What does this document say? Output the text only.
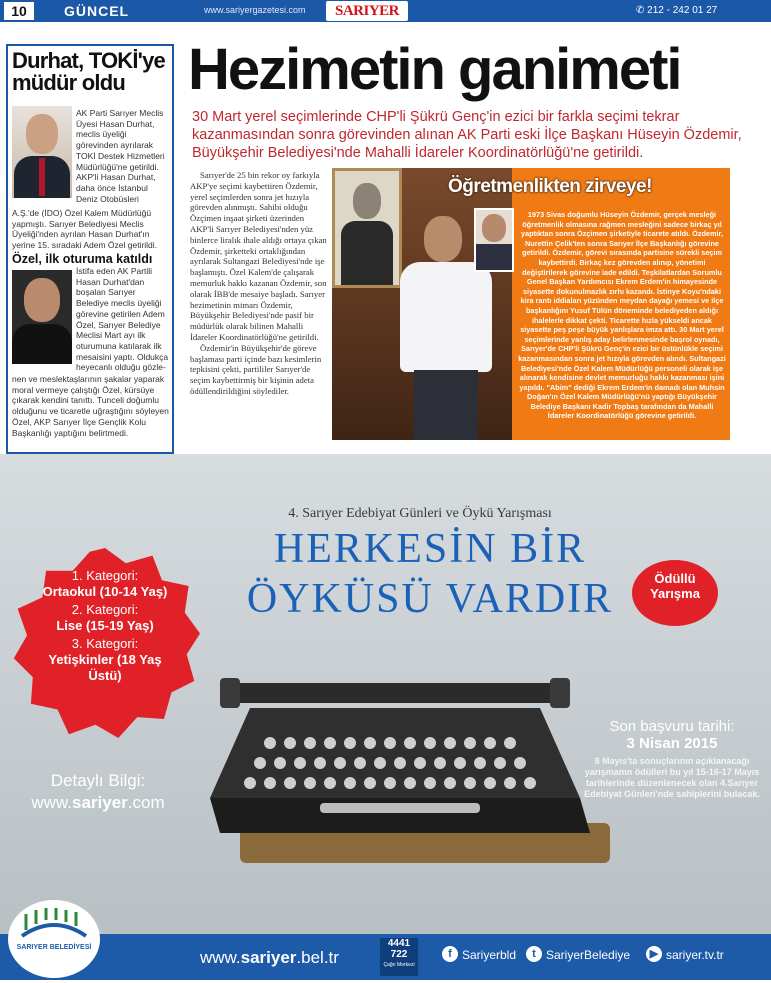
10	GÜNCEL	www.sariyergazetesi.com	SARIYER	✆ 212 - 242 01 27
Durhat, TOKİ'ye müdür oldu
AK Parti Sarıyer Meclis Üyesi Hasan Durhat, meclis üyeliği görevinden ayrılarak TOKİ Destek Hizmetleri Müdürlüğü'ne getirildi. AKP'li Hasan Durhat, daha önce İstanbul Deniz Otobüsleri
A.Ş.'de (İDO) Özel Kalem Müdürlüğü yapmıştı. Sarıyer Belediyesi Meclis Üyeliği'nden ayrılan Hasan Durhat'ın yerine 15. sıradaki Adem Özel getirildi.
Özel, ilk oturuma katıldı
İstifa eden AK Partili Hasan Durhat'dan boşalan Sarıyer Belediye meclis üyeliği görevine getirilen Adem Özel, Sarıyer Belediye Meclisi Mart ayı ilk oturumuna katılarak ilk mesaisini yaptı. Oldukça heyecanlı olduğu gözle-
nen ve meslektaşlarının şakalar yaparak moral vermeye çalıştığı Özel, kürsüye çıkarak kendini tanıttı. Tunceli doğumlu olduğunu ve ticaretle uğraştığını söyleyen Özel, AKP Sarıyer İlçe Gençlik Kolu Başkanlığı yaptığını belirtmedi.
Hezimetin ganimeti
30 Mart yerel seçimlerinde CHP'li Şükrü Genç'in ezici bir farkla seçimi tekrar kazanmasından sonra görevinden alınan AK Parti eski İlçe Başkanı Hüseyin Özdemir, Büyükşehir Belediyesi'nde Mahalli İdareler Koordinatörlüğü'ne getirildi.

Sarıyer'de 25 bin rekor oy farkıyla AKP'ye seçimi kaybettiren Özdemir, yerel seçimlerden sonra jet hızıyla görevden alınmıştı. Sahibi olduğu Özçimen inşaat şirketi üzerinden AKP'li Sarıyer Belediyesi'nden yüz binlerce liralık ihale aldığı ortaya çıkan Özdemir, şirketteki ortaklığından ayrılarak Sultangazi Belediyesi'nde işe başlamıştı. Özel Kalem'de çalışarak memurluk hakkı kazanan Özdemir, son olarak İBB'de mesaiye başladı. Sarıyer hezimetinin mimarı Özdemir, Büyükşehir Belediyesi'nde pasif bir müdürlük olarak bilinen Mahalli İdareler Koordinatörlüğü'ne getirildi.

Özdemir'in Büyükşehir'de göreve başlaması parti içinde bazı kesimlerin tepkisini çekti, partililer Sarıyer'de seçim kaybettirmiş bir kişinin adeta ödüllendirildiğini söylediler.

Öğretmenlikten zirveye!
1973 Sivas doğumlu Hüseyin Özdemir, gerçek mesleği öğretmenlik olmasına rağmen mesleğini sadece birkaç yıl yaptıktan sonra Özçimen şirketiyle ticarete atıldı. Özdemir, Nurettin Çelik'ten sonra Sarıyer İlçe Başkanlığı görevine getirildi. Özdemir, görevi sırasında partisine sürekli seçim kaybettirdi. Birkaç kez görevden alınıp, yönetimi değiştirilerek görevine iade edildi. Teşkilatlardan Sorumlu Genel Başkan Yardımcısı Ekrem Erdem'in himayesinde siyasette dokunulmazlık zırhı kazandı. İstinye Koyu'ndaki kira rantı iddiaları yüzünden meydan dayağı yemesi ve ilçe başkanlığını Yusuf Tülün döneminde belediyeden aldığı ihalelerle dikkat çekti. Ticarette hızla yükseldi ancak siyasette peş peşe büyük yanlışlara imza attı. 30 Mart yerel seçimlerinde yanlış aday belirlenmesinde başrol oynadı, Sarıyer'de CHP'li Şükrü Genç'in ezici bir üstünlükle seçimi kazanmasından sonra jet hızıyla görevden alındı. Sultangazi Belediyesi'nde Özel Kalem Müdürlüğü personeli olarak işe alınarak kendisine devlet memurluğu hakkı kazanması işini yapıldı. "Abim" dediği Ekrem Erdem'in damadı olan Muhsin Doğan'ın Özel Kalem Müdürlüğü'nü yaptığı Büyükşehir Belediye Başkanı Kadir Topbaş tarafından da Mahalli İdareler Koordinatörlüğü görevine getirildi.
4. Sarıyer Edebiyat Günleri ve Öykü Yarışması
HERKESİN BİR
ÖYKÜSÜ VARDIR
1. Kategori:
Ortaokul (10-14 Yaş)
2. Kategori:
Lise (15-19 Yaş)
3. Kategori:
Yetişkinler (18 Yaş Üstü)
Ödüllü Yarışma
Detaylı Bilgi:
www.sariyer.com
Son başvuru tarihi:
3 Nisan 2015
8 Mayıs'ta sonuçlarının açıklanacağı yarışmanın ödülleri bu yıl 15-16-17 Mayıs tarihlerinde düzenlenecek olan 4.Sarıyer Edebiyat Günleri'nde sahiplerini bulacak.
SARIYER BELEDİYESİ
www.sariyer.bel.tr
4441
722
Çağrı Merkezi
f Sariyerbld	t SariyerBelediye	▶ sariyer.tv.tr
